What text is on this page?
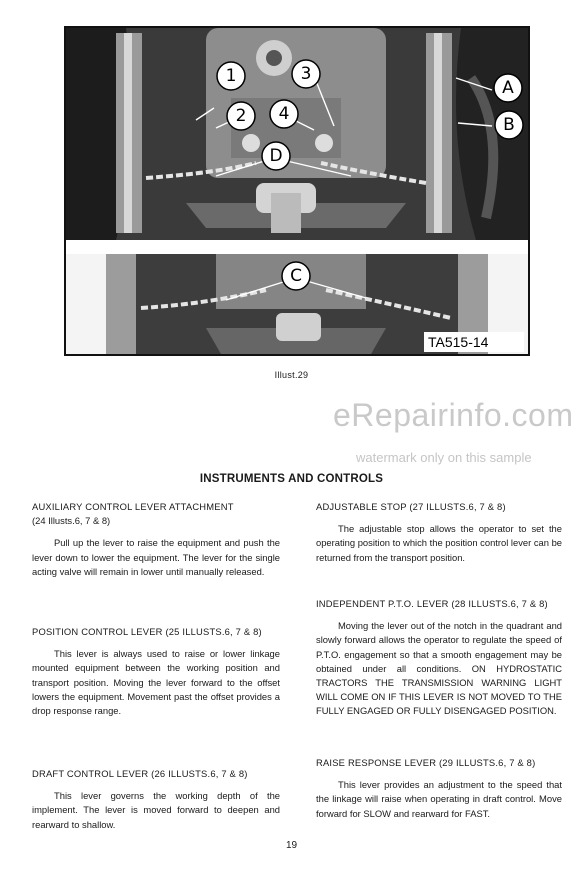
1
2
3
4
A
B
D
C
TA515-14
Illust.29
eRepairinfo.com
watermark only on this sample
INSTRUMENTS AND CONTROLS
AUXILIARY CONTROL LEVER ATTACHMENT
(24 Illusts.6, 7 & 8)

Pull up the lever to raise the equipment and push the lever down to lower the equipment. The lever for the single acting valve will remain in lower until manually released.

POSITION CONTROL LEVER (25 ILLUSTS.6, 7 & 8)

This lever is always used to raise or lower linkage mounted equipment between the working position and transport position. Moving the lever forward to the offset lowers the equipment. Movement past the offset provides a drop response range.

DRAFT CONTROL LEVER (26 ILLUSTS.6, 7 & 8)

This lever governs the working depth of the implement. The lever is moved forward to deepen and rearward to shallow.

ADJUSTABLE STOP (27 ILLUSTS.6, 7 & 8)

The adjustable stop allows the operator to set the operating position to which the position control lever can be returned from the transport position.

INDEPENDENT P.T.O. LEVER (28 ILLUSTS.6, 7 & 8)

Moving the lever out of the notch in the quadrant and slowly forward allows the operator to regulate the speed of P.T.O. engagement so that a smooth engagement may be obtained under all conditions. ON HYDROSTATIC TRACTORS THE TRANSMISSION WARNING LIGHT WILL COME ON IF THIS LEVER IS NOT MOVED TO THE FULLY ENGAGED OR FULLY DISENGAGED POSITION.

RAISE RESPONSE LEVER (29 ILLUSTS.6, 7 & 8)

This lever provides an adjustment to the speed that the linkage will raise when operating in draft control. Move forward for SLOW and rearward for FAST.

19
